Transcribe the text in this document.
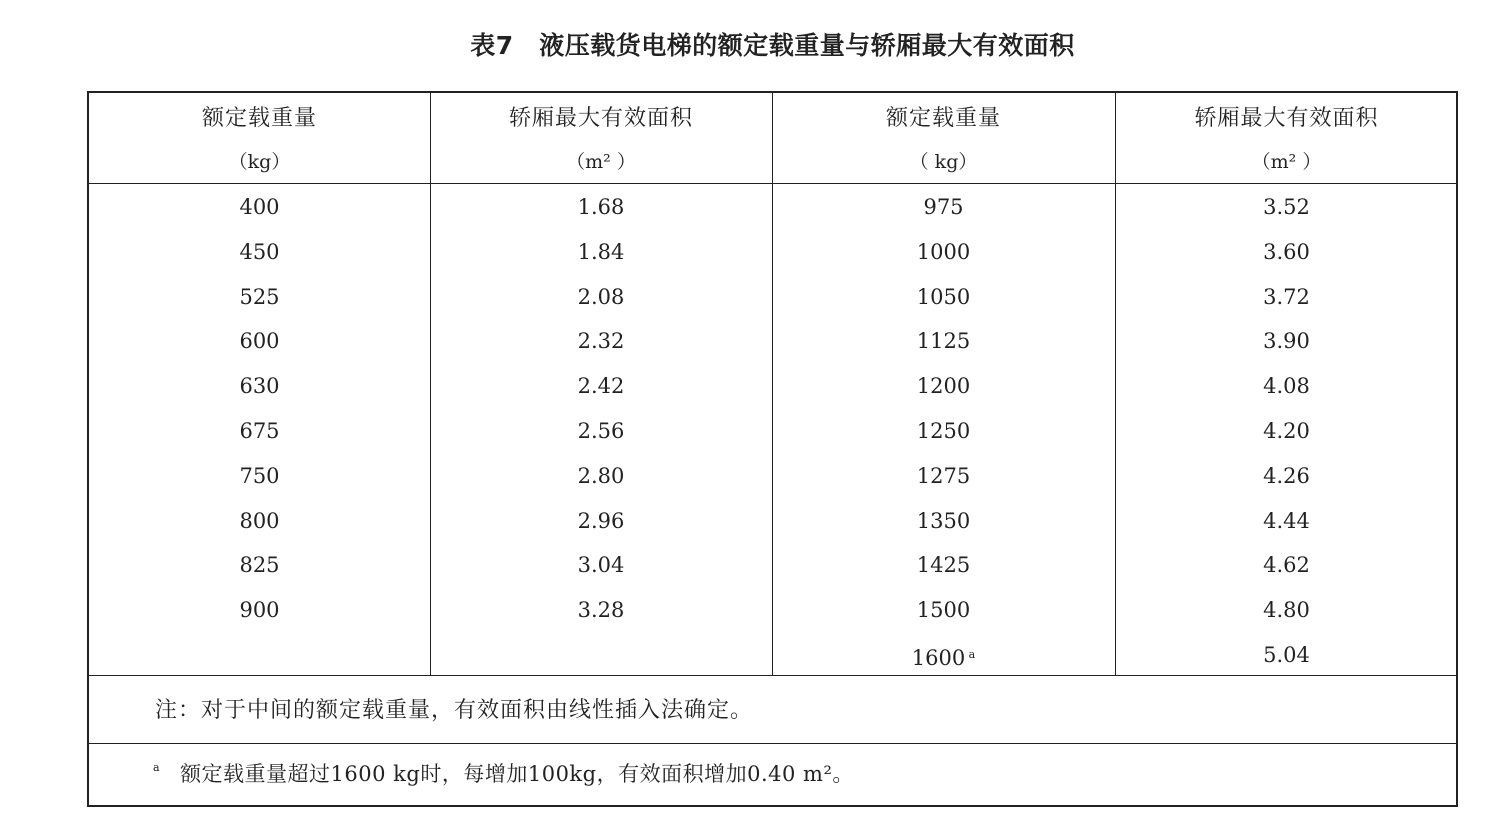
表7　液压载货电梯的额定载重量与轿厢最大有效面积
额定载重量
（kg）
轿厢最大有效面积
（m² ）
额定载重量
（ kg）
轿厢最大有效面积
（m² ）
400
450
525
600
630
675
750
800
825
900
1.68
1.84
2.08
2.32
2.42
2.56
2.80
2.96
3.04
3.28
975
1000
1050
1125
1200
1250
1275
1350
1425
1500
1600 $^a$
3.52
3.60
3.72
3.90
4.08
4.20
4.26
4.44
4.62
4.80
5.04
注：对于中间的额定载重量，有效面积由线性插入法确定。
$^a$ 额定载重量超过1600 kg时，每增加100kg，有效面积增加0.40 m²。
